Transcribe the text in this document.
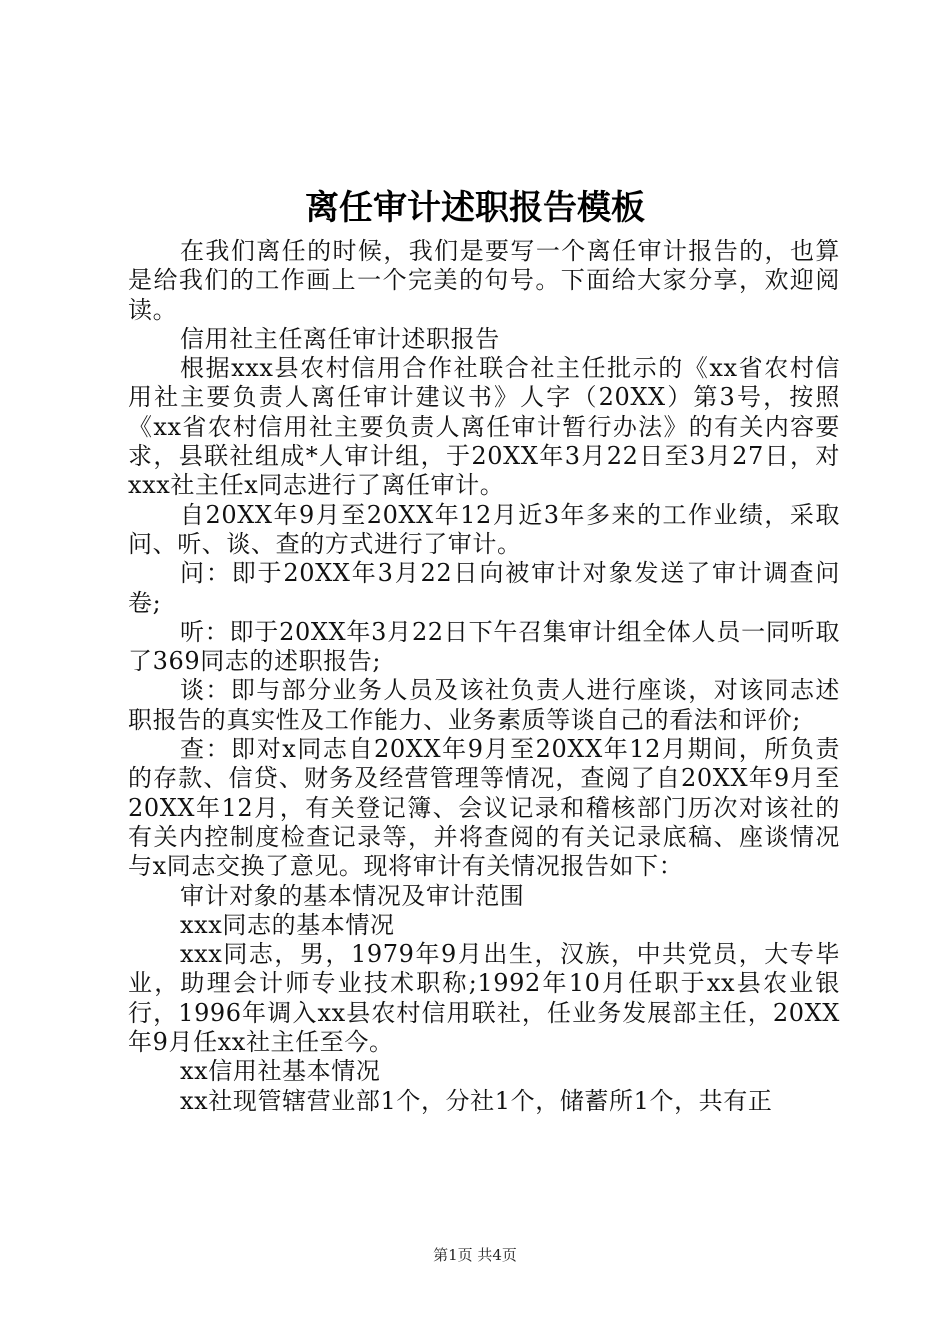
离任审计述职报告模板

在我们离任的时候，我们是要写一个离任审计报告的，也算是给我们的工作画上一个完美的句号。下面给大家分享，欢迎阅读。

信用社主任离任审计述职报告

根据xxx县农村信用合作社联合社主任批示的《xx省农村信用社主要负责人离任审计建议书》人字（20XX）第3号，按照《xx省农村信用社主要负责人离任审计暂行办法》的有关内容要求，县联社组成*人审计组，于20XX年3月22日至3月27日，对xxx社主任x同志进行了离任审计。

自20XX年9月至20XX年12月近3年多来的工作业绩，采取问、听、谈、查的方式进行了审计。

问：即于20XX年3月22日向被审计对象发送了审计调查问卷;

听：即于20XX年3月22日下午召集审计组全体人员一同听取了369同志的述职报告;

谈：即与部分业务人员及该社负责人进行座谈，对该同志述职报告的真实性及工作能力、业务素质等谈自己的看法和评价;

查：即对x同志自20XX年9月至20XX年12月期间，所负责的存款、信贷、财务及经营管理等情况，查阅了自20XX年9月至20XX年12月，有关登记簿、会议记录和稽核部门历次对该社的有关内控制度检查记录等，并将查阅的有关记录底稿、座谈情况与x同志交换了意见。现将审计有关情况报告如下：

审计对象的基本情况及审计范围

xxx同志的基本情况

xxx同志，男，1979年9月出生，汉族，中共党员，大专毕业，助理会计师专业技术职称;1992年10月任职于xx县农业银行，1996年调入xx县农村信用联社，任业务发展部主任，20XX年9月任xx社主任至今。

xx信用社基本情况

xx社现管辖营业部1个，分社1个，储蓄所1个，共有正

第1页 共4页
